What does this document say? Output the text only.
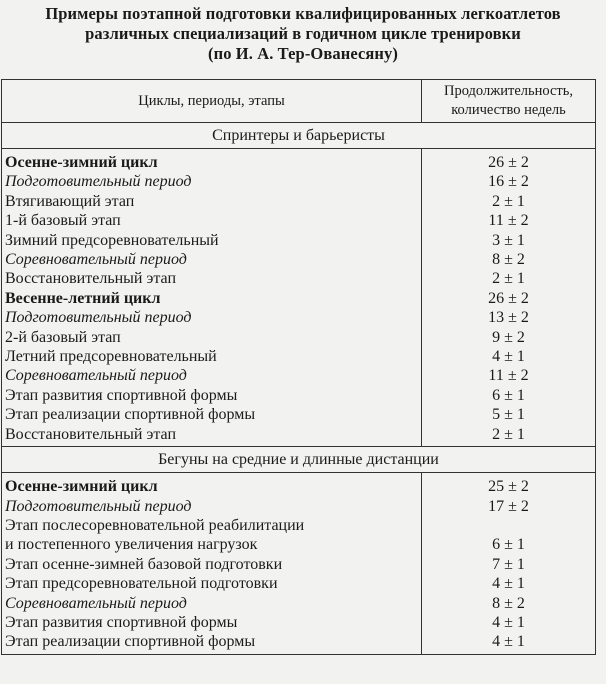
Примеры поэтапной подготовки квалифицированных легкоатлетов
различных специализаций в годичном цикле тренировки
(по И. А. Тер-Ованесяну)
Циклы, периоды, этапы	Продолжительность,
количество недель

Спринтеры и барьеристы	
Осенне-зимний цикл	26 ± 2
Подготовительный период	16 ± 2
Втягивающий этап	2 ± 1
1-й базовый этап	11 ± 2
Зимний предсоревновательный	3 ± 1
Соревновательный период	8 ± 2
Восстановительный этап	2 ± 1
Весенне-летний цикл	26 ± 2
Подготовительный период	13 ± 2
2-й базовый этап	9 ± 2
Летний предсоревновательный	4 ± 1
Соревновательный период	11 ± 2
Этап развития спортивной формы	6 ± 1
Этап реализации спортивной формы	5 ± 1
Восстановительный этап	2 ± 1
Бегуны на средние и длинные дистанции	
Осенне-зимний цикл	25 ± 2
Подготовительный период	17 ± 2

Этап послесоревновательной реабилитации
и постепенного увеличения нагрузок	6 ± 1
Этап осенне-зимней базовой подготовки	7 ± 1
Этап предсоревновательной подготовки	4 ± 1
Соревновательный период	8 ± 2
Этап развития спортивной формы	4 ± 1
Этап реализации спортивной формы	4 ± 1
